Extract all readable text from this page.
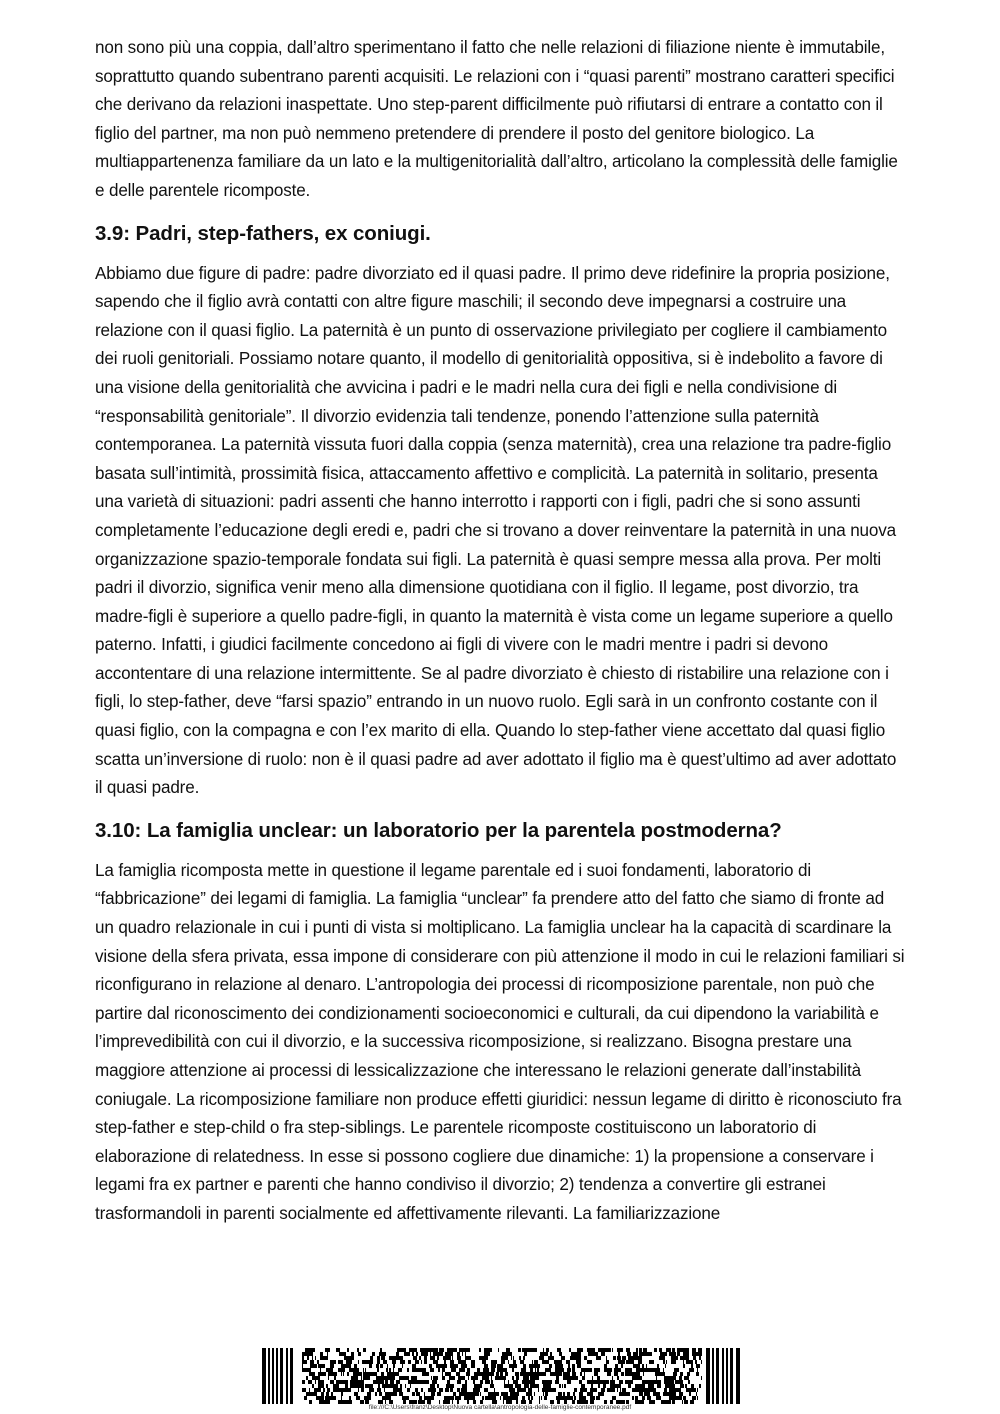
non sono più una coppia, dall’altro sperimentano il fatto che nelle relazioni di filiazione niente è immutabile, soprattutto quando subentrano parenti acquisiti. Le relazioni con i “quasi parenti” mostrano caratteri specifici che derivano da relazioni inaspettate. Uno step-parent difficilmente può rifiutarsi di entrare a contatto con il figlio del partner, ma non può nemmeno pretendere di prendere il posto del genitore biologico. La multiappartenenza familiare da un lato e la multigenitorialità dall’altro, articolano la complessità delle famiglie e delle parentele ricomposte.

3.9: Padri, step-fathers, ex coniugi.

Abbiamo due figure di padre: padre divorziato ed il quasi padre. Il primo deve ridefinire la propria posizione, sapendo che il figlio avrà contatti con altre figure maschili; il secondo deve impegnarsi a costruire una relazione con il quasi figlio. La paternità è un punto di osservazione privilegiato per cogliere il cambiamento dei ruoli genitoriali. Possiamo notare quanto, il modello di genitorialità oppositiva, si è indebolito a favore di una visione della genitorialità che avvicina i padri e le madri nella cura dei figli e nella condivisione di “responsabilità genitoriale”. Il divorzio evidenzia tali tendenze, ponendo l’attenzione sulla paternità contemporanea. La paternità vissuta fuori dalla coppia (senza maternità), crea una relazione tra padre-figlio basata sull’intimità, prossimità fisica, attaccamento affettivo e complicità. La paternità in solitario, presenta una varietà di situazioni: padri assenti che hanno interrotto i rapporti con i figli, padri che si sono assunti completamente l’educazione degli eredi e, padri che si trovano a dover reinventare la paternità in una nuova organizzazione spazio-temporale fondata sui figli. La paternità è quasi sempre messa alla prova. Per molti padri il divorzio, significa venir meno alla dimensione quotidiana con il figlio. Il legame, post divorzio, tra madre-figli è superiore a quello padre-figli, in quanto la maternità è vista come un legame superiore a quello paterno. Infatti, i giudici facilmente concedono ai figli di vivere con le madri mentre i padri si devono accontentare di una relazione intermittente. Se al padre divorziato è chiesto di ristabilire una relazione con i figli, lo step-father, deve “farsi spazio” entrando in un nuovo ruolo. Egli sarà in un confronto costante con il quasi figlio, con la compagna e con l’ex marito di ella. Quando lo step-father viene accettato dal quasi figlio scatta un’inversione di ruolo: non è il quasi padre ad aver adottato il figlio ma è quest’ultimo ad aver adottato il quasi padre.

3.10: La famiglia unclear: un laboratorio per la parentela postmoderna?

La famiglia ricomposta mette in questione il legame parentale ed i suoi fondamenti, laboratorio di “fabbricazione” dei legami di famiglia. La famiglia “unclear” fa prendere atto del fatto che siamo di fronte ad un quadro relazionale in cui i punti di vista si moltiplicano. La famiglia unclear ha la capacità di scardinare la visione della sfera privata, essa impone di considerare con più attenzione il modo in cui le relazioni familiari si riconfigurano in relazione al denaro. L’antropologia dei processi di ricomposizione parentale, non può che partire dal riconoscimento dei condizionamenti socioeconomici e culturali, da cui dipendono la variabilità e l’imprevedibilità con cui il divorzio, e la successiva ricomposizione, si realizzano. Bisogna prestare una maggiore attenzione ai processi di lessicalizzazione che interessano le relazioni generate dall’instabilità coniugale. La ricomposizione familiare non produce effetti giuridici: nessun legame di diritto è riconosciuto fra step-father e step-child o fra step-siblings. Le parentele ricomposte costituiscono un laboratorio di elaborazione di relatedness. In esse si possono cogliere due dinamiche: 1) la propensione a conservare i legami fra ex partner e parenti che hanno condiviso il divorzio; 2) tendenza a convertire gli estranei trasformandoli in parenti socialmente ed affettivamente rilevanti. La familiarizzazione

file:///C:\Users\franz\Desktop\Nuova cartella\antropologia-delle-famiglie-contemporanee.pdf
